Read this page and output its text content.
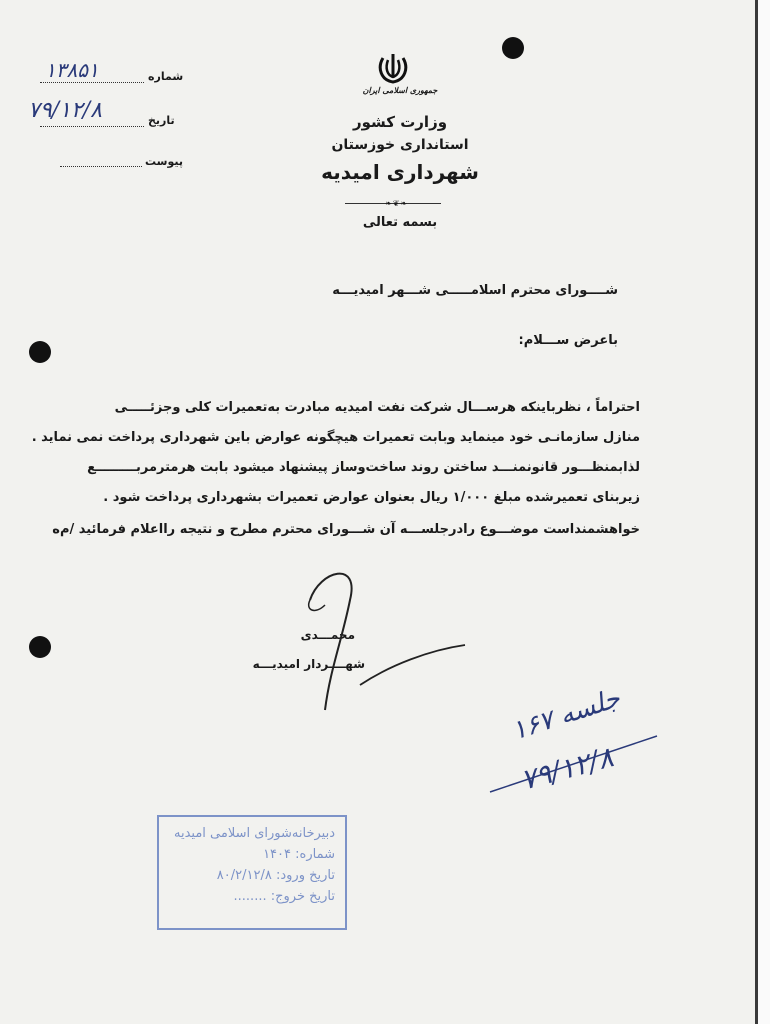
جمهوری اسلامی ایران
وزارت کشور
استانداری خوزستان
شهرداری امیدیه
❧❦❧
بسمه تعالی
شماره
۱۳۸۵۱
تاریخ
۷۹/۱۲/۸
پیوست
شــــورای محترم اسلامـــــی شـــهر امیدیـــه
باعرض ســـلام:
احتراماً ، نظرباینکه هرســـال شرکت نفت امیدیه مبادرت به‌تعمیرات کلی وجزئـــــی
منازل سازمانـی خود مینماید وبابت تعمیرات هیچگونه عوارض باین شهرداری پرداخت نمی نماید .
لذابمنظـــور قانونمنـــد ساختن روند ساخت‌وساز پیشنهاد میشود بابت هرمترمربـــــــــع
زیربنای تعمیرشده مبلغ ۱/۰۰۰ ریال بعنوان عوارض تعمیرات بشهرداری پرداخت شود .
خواهشمنداست موضـــوع رادرجلســـه آن شـــورای محترم مطرح و نتیجه رااعلام فرمائید /م‌ه
محمـــدی
شهــــردار امیدیـــه
۱۶۷ جلسه
۷۹/۱۲/۸
دبیرخانه‌شورای اسلامی امیدیه
شماره: ۱۴۰۴
تاریخ ورود: ۸۰/۲/۱۲/۸
تاریخ خروج: ........
